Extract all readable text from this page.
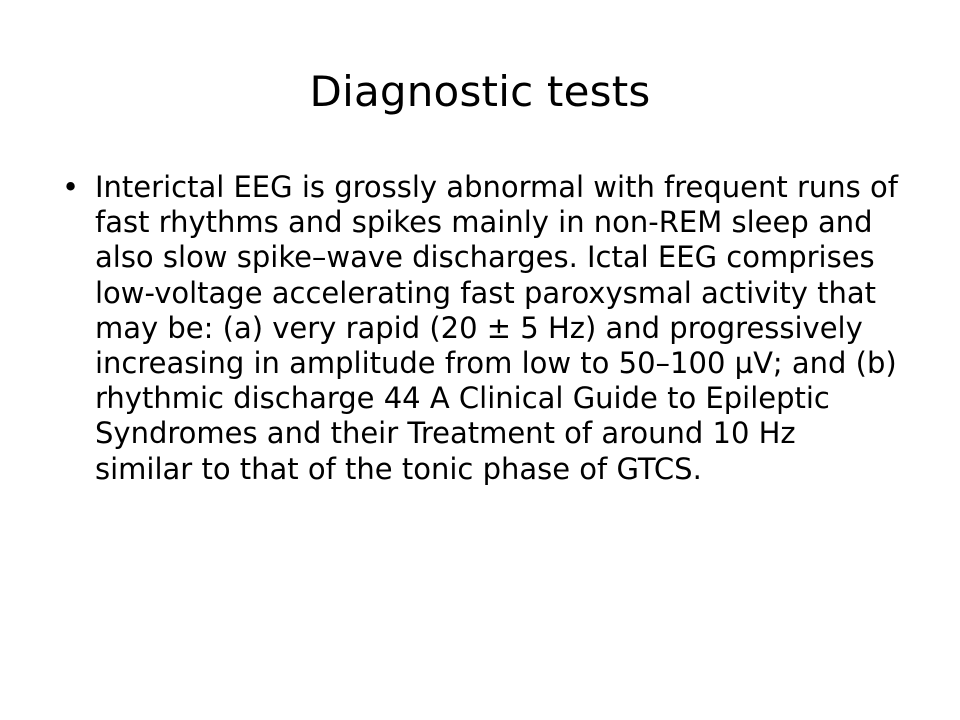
Diagnostic tests
• Interictal EEG is grossly abnormal with frequent runs of fast rhythms and spikes mainly in non-REM sleep and also slow spike–wave discharges. Ictal EEG comprises low-voltage accelerating fast paroxysmal activity that may be: (a) very rapid (20 ± 5 Hz) and progressively increasing in amplitude from low to 50–100 µV; and (b) rhythmic discharge 44 A Clinical Guide to Epileptic Syndromes and their Treatment of around 10 Hz similar to that of the tonic phase of GTCS.
